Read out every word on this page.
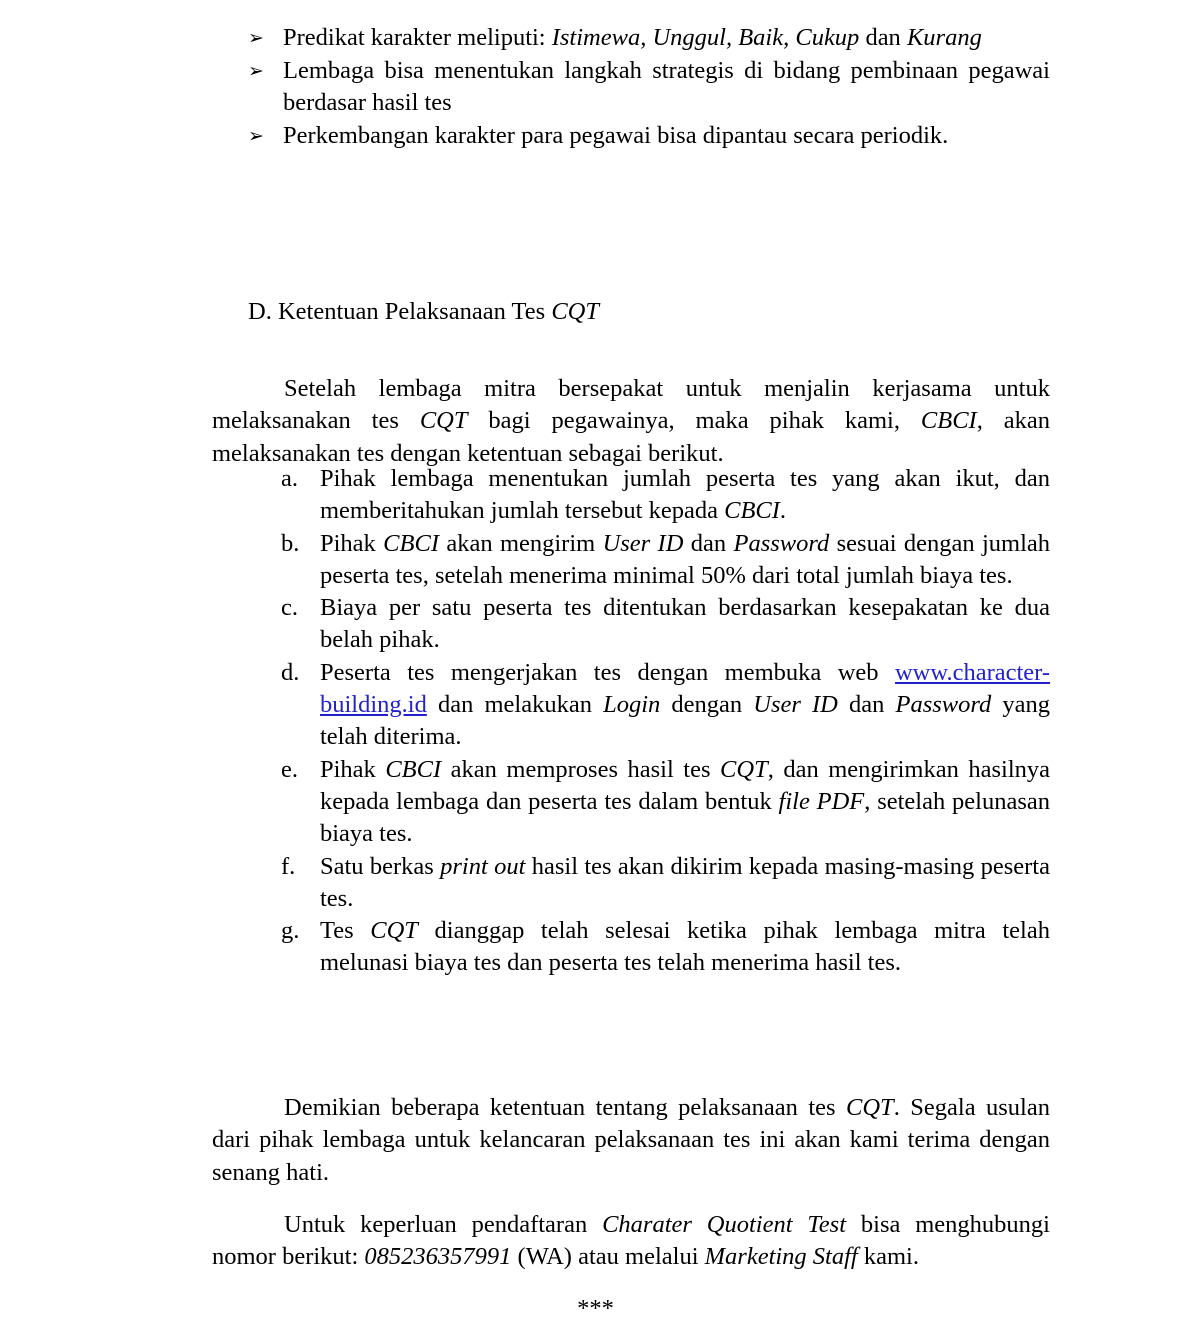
➢ Predikat karakter meliputi: Istimewa, Unggul, Baik, Cukup dan Kurang
➢ Lembaga bisa menentukan langkah strategis di bidang pembinaan pegawai berdasar hasil tes
➢ Perkembangan karakter para pegawai bisa dipantau secara periodik.
D. Ketentuan Pelaksanaan Tes CQT

Setelah lembaga mitra bersepakat untuk menjalin kerjasama untuk melaksanakan tes CQT bagi pegawainya, maka pihak kami, CBCI, akan melaksanakan tes dengan ketentuan sebagai berikut.

a. Pihak lembaga menentukan jumlah peserta tes yang akan ikut, dan memberitahukan jumlah tersebut kepada CBCI.
b. Pihak CBCI akan mengirim User ID dan Password sesuai dengan jumlah peserta tes, setelah menerima minimal 50% dari total jumlah biaya tes.
c. Biaya per satu peserta tes ditentukan berdasarkan kesepakatan ke dua belah pihak.
d. Peserta tes mengerjakan tes dengan membuka web www.character-building.id dan melakukan Login dengan User ID dan Password yang telah diterima.
e. Pihak CBCI akan memproses hasil tes CQT, dan mengirimkan hasilnya kepada lembaga dan peserta tes dalam bentuk file PDF, setelah pelunasan biaya tes.
f.	Satu berkas print out hasil tes akan dikirim kepada masing-masing peserta tes.
g. Tes CQT dianggap telah selesai ketika pihak lembaga mitra telah melunasi biaya tes dan peserta tes telah menerima hasil tes.

Demikian beberapa ketentuan tentang pelaksanaan tes CQT. Segala usulan dari pihak lembaga untuk kelancaran pelaksanaan tes ini akan kami terima dengan senang hati.

Untuk keperluan pendaftaran Charater Quotient Test bisa menghubungi nomor berikut: 085236357991 (WA) atau melalui Marketing Staff kami.

***
